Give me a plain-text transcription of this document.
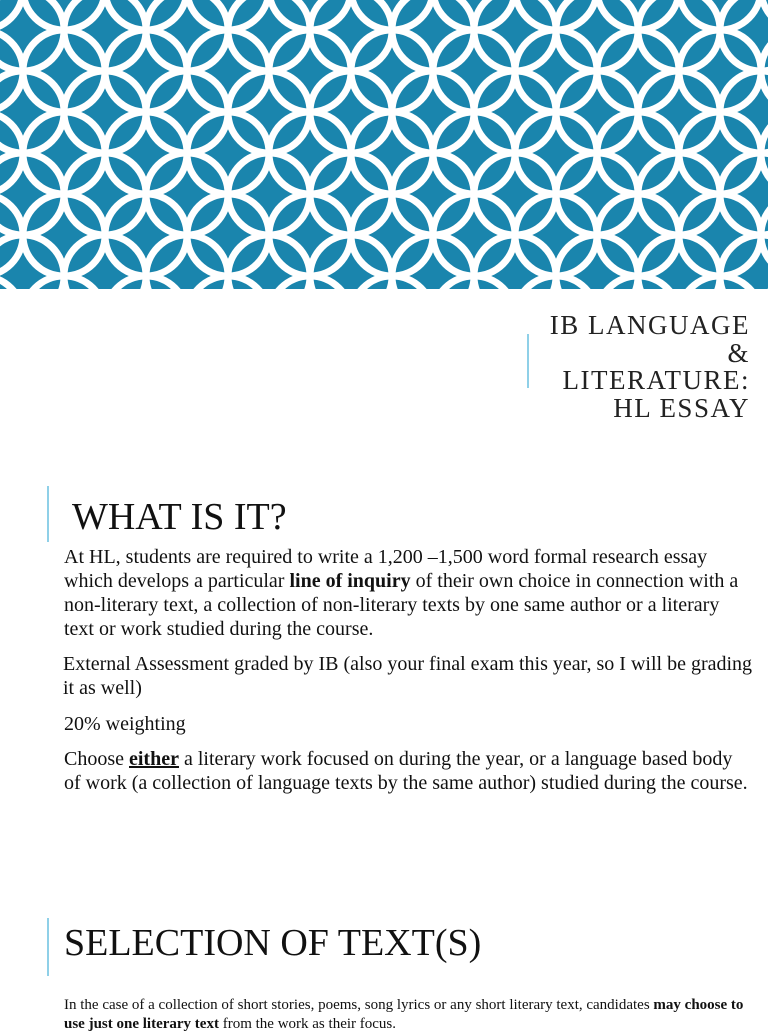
IB LANGUAGE
&
LITERATURE:
HL ESSAY
WHAT IS IT?

At HL, students are required to write a 1,200 –1,500 word formal research essay which develops a particular line of inquiry of their own choice in connection with a non-literary text, a collection of non-literary texts by one same author or a literary text or work studied during the course.

External Assessment graded by IB (also your final exam this year, so I will be grading it as well)

20% weighting

Choose either a literary work focused on during the year, or a language based body of work (a collection of language texts by the same author) studied during the course.

SELECTION OF TEXT(S)

In the case of a collection of short stories, poems, song lyrics or any short literary text, candidates may choose to use just one literary text from the work as their focus.
